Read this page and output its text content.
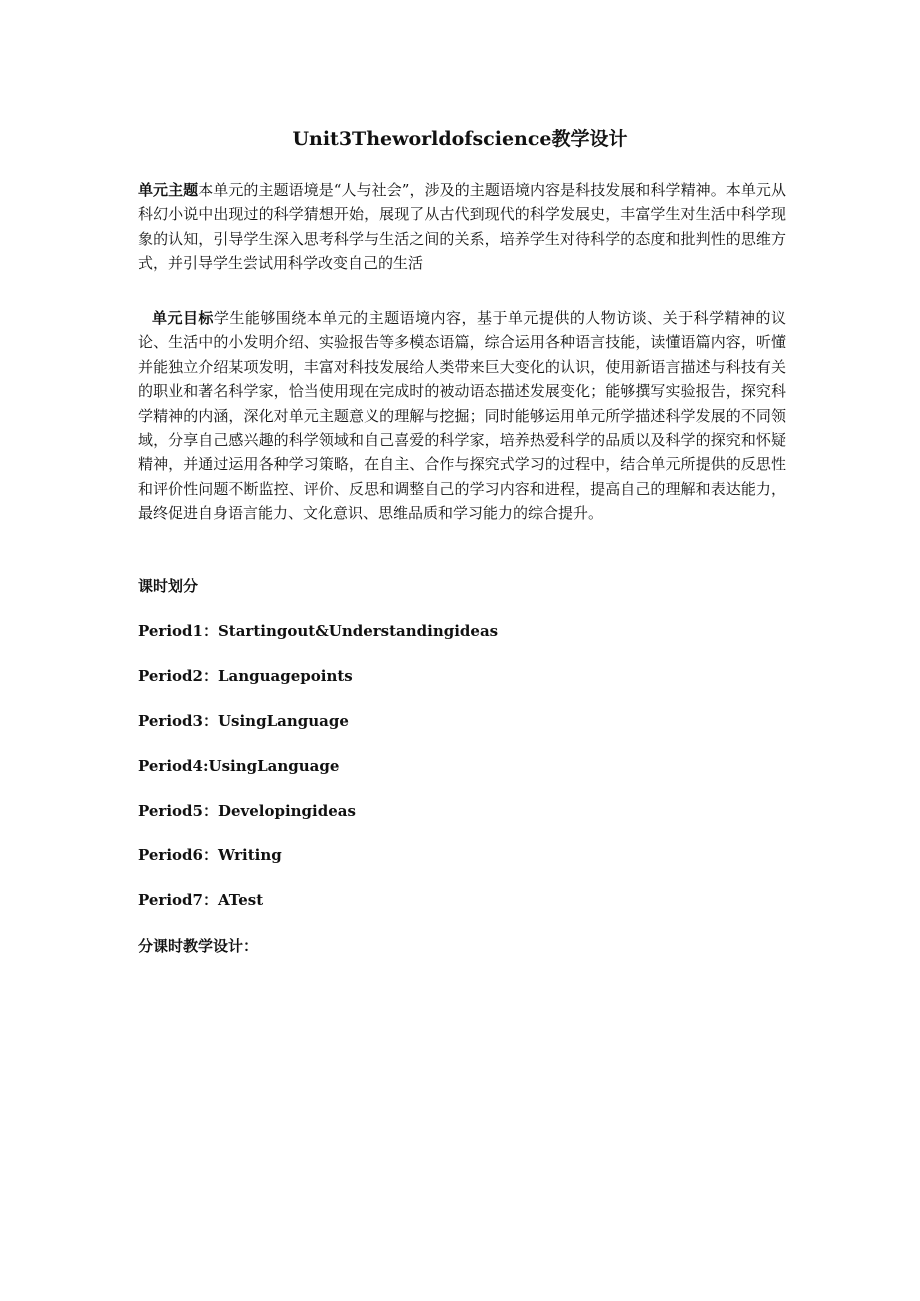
Unit3Theworldofscience教学设计

单元主题本单元的主题语境是“人与社会”，涉及的主题语境内容是科技发展和科学精神。本单元从科幻小说中出现过的科学猜想开始，展现了从古代到现代的科学发展史，丰富学生对生活中科学现象的认知，引导学生深入思考科学与生活之间的关系，培养学生对待科学的态度和批判性的思维方式，并引导学生尝试用科学改变自己的生活

单元目标学生能够围绕本单元的主题语境内容，基于单元提供的人物访谈、关于科学精神的议论、生活中的小发明介绍、实验报告等多模态语篇，综合运用各种语言技能，读懂语篇内容，听懂并能独立介绍某项发明，丰富对科技发展给人类带来巨大变化的认识，使用新语言描述与科技有关的职业和著名科学家，恰当使用现在完成时的被动语态描述发展变化；能够撰写实验报告，探究科学精神的内涵，深化对单元主题意义的理解与挖掘；同时能够运用单元所学描述科学发展的不同领域，分享自己感兴趣的科学领域和自己喜爱的科学家，培养热爱科学的品质以及科学的探究和怀疑精神，并通过运用各种学习策略，在自主、合作与探究式学习的过程中，结合单元所提供的反思性和评价性问题不断监控、评价、反思和调整自己的学习内容和进程，提高自己的理解和表达能力，最终促进自身语言能力、文化意识、思维品质和学习能力的综合提升。

课时划分
Period1：Startingout&Understandingideas
Period2：Languagepoints
Period3：UsingLanguage
Period4:UsingLanguage
Period5：Developingideas
Period6：Writing
Period7：ATest
分课时教学设计：
